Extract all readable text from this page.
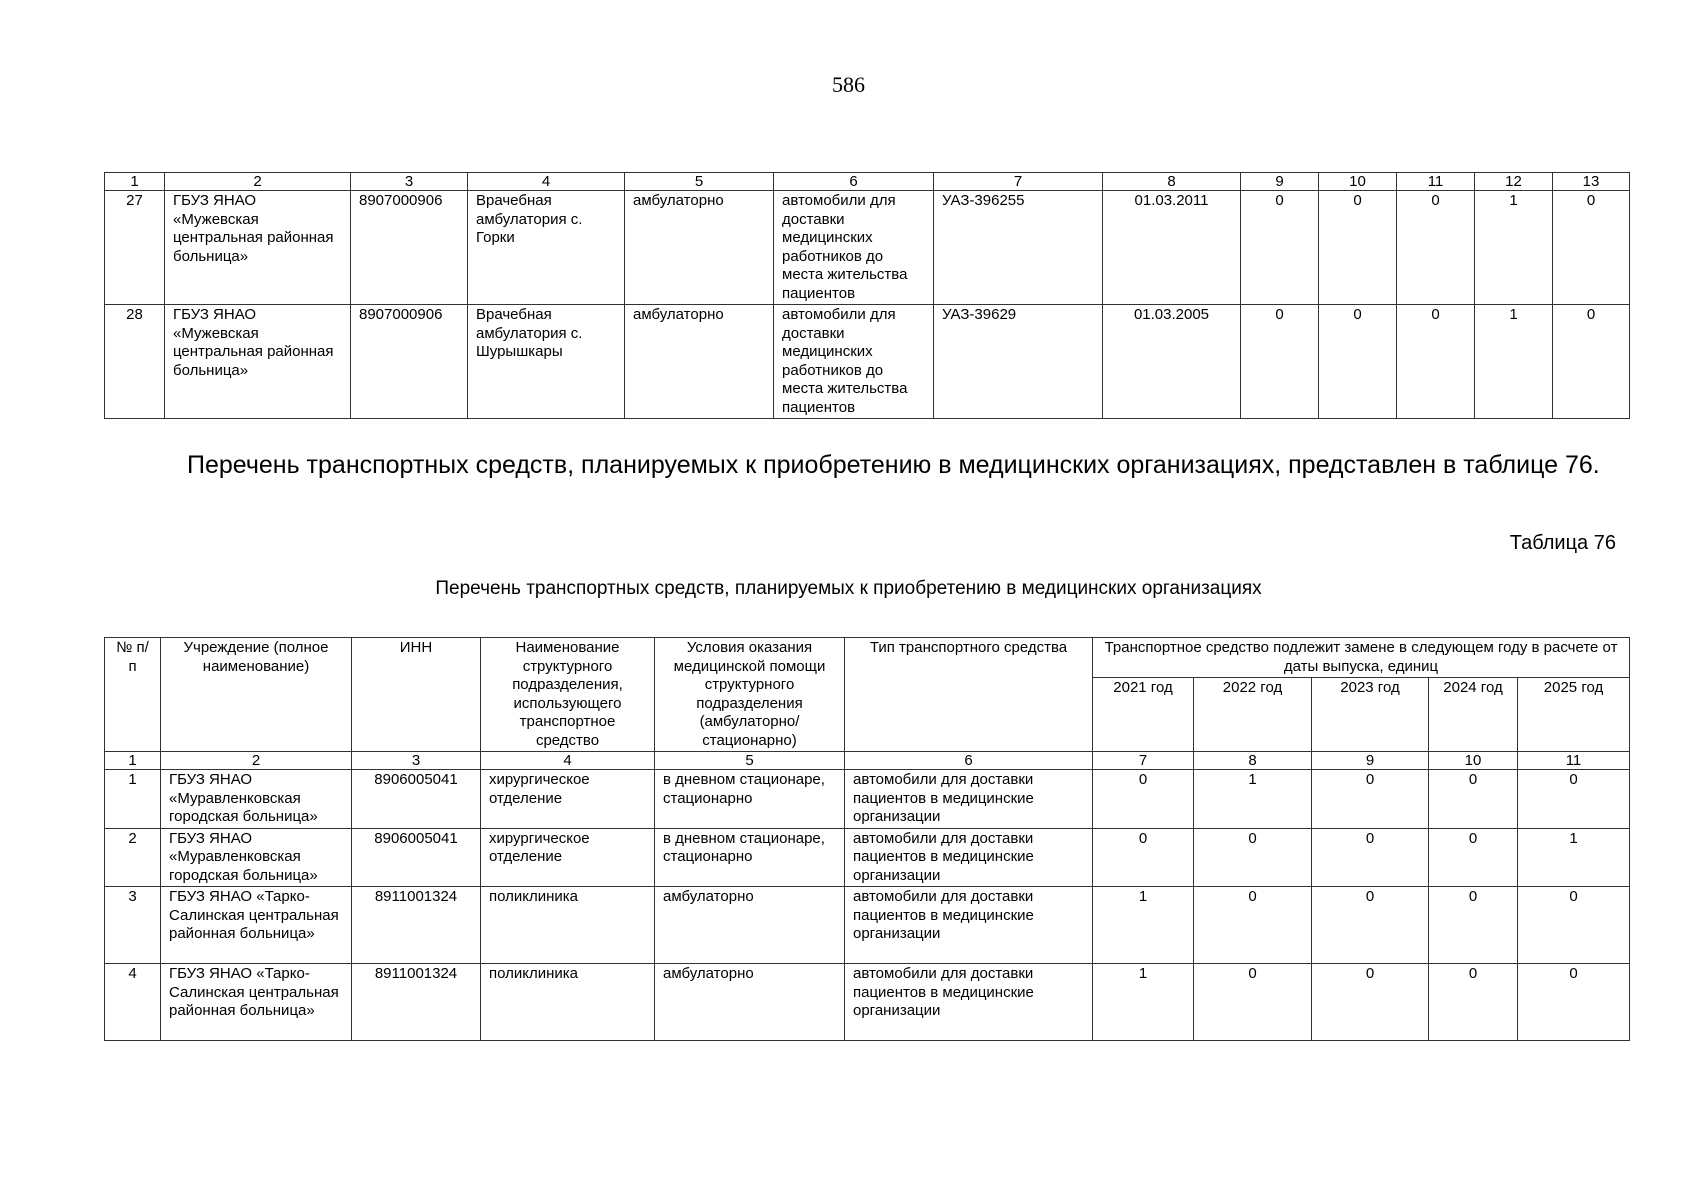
586
1	2	3	4	5	6	7	8	9	10	11	12	13
27	ГБУЗ ЯНАО «Мужевская центральная районная больница»	8907000906	Врачебная амбулатория с. Горки	амбулаторно	автомобили для доставки медицинских работников до места жительства пациентов	УАЗ-396255	01.03.2011	0	0	0	1	0
28	ГБУЗ ЯНАО «Мужевская центральная районная больница»	8907000906	Врачебная амбулатория с. Шурышкары	амбулаторно	автомобили для доставки медицинских работников до места жительства пациентов	УАЗ-39629	01.03.2005	0	0	0	1	0
Перечень транспортных средств, планируемых к приобретению в медицинских организациях, представлен в таблице 76.
Таблица 76
Перечень транспортных средств, планируемых к приобретению в медицинских организациях
№ п/п	Учреждение (полное наименование)	ИНН	Наименование структурного подразделения, использующего транспортное средство	Условия оказания медицинской помощи структурного подразделения (амбулаторно/ стационарно)	Тип транспортного средства	Транспортное средство подлежит замене в следующем году в расчете от даты выпуска, единиц				
						2021 год	2022 год	2023 год	2024 год	2025 год
1	2	3	4	5	6	7	8	9	10	11
1	ГБУЗ ЯНАО «Муравленковская городская больница»	8906005041	хирургическое отделение	в дневном стационаре, стационарно	автомобили для доставки пациентов в медицинские организации	0	1	0	0	0
2	ГБУЗ ЯНАО «Муравленковская городская больница»	8906005041	хирургическое отделение	в дневном стационаре, стационарно	автомобили для доставки пациентов в медицинские организации	0	0	0	0	1
3	ГБУЗ ЯНАО «Тарко-Салинская центральная районная больница»	8911001324	поликлиника	амбулаторно	автомобили для доставки пациентов в медицинские организации	1	0	0	0	0
4	ГБУЗ ЯНАО «Тарко-Салинская центральная районная больница»	8911001324	поликлиника	амбулаторно	автомобили для доставки пациентов в медицинские организации	1	0	0	0	0
